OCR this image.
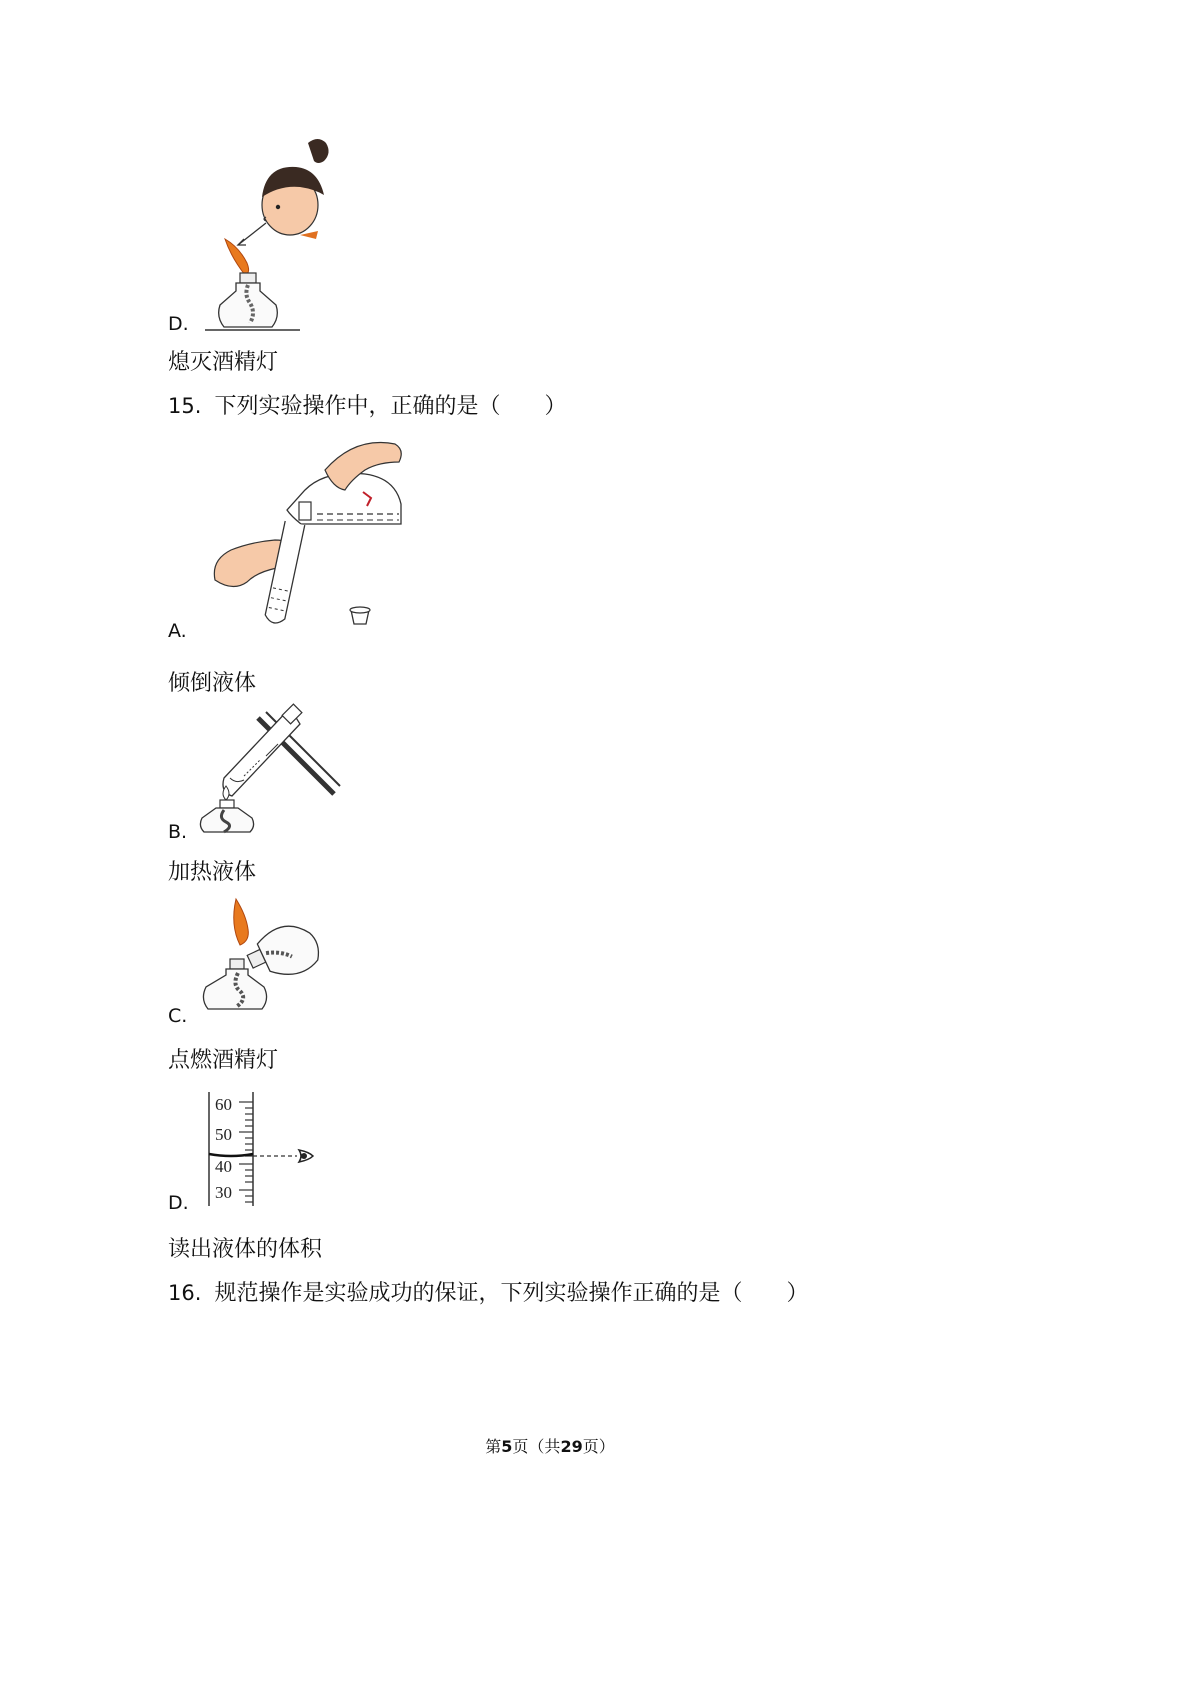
D.
熄灭酒精灯
15. 下列实验操作中，正确的是（　　）
A.
倾倒液体
B.
加热液体
C.
点燃酒精灯
60
50
40
30
D.
读出液体的体积
16. 规范操作是实验成功的保证，下列实验操作正确的是（　　）
第5页（共29页）
